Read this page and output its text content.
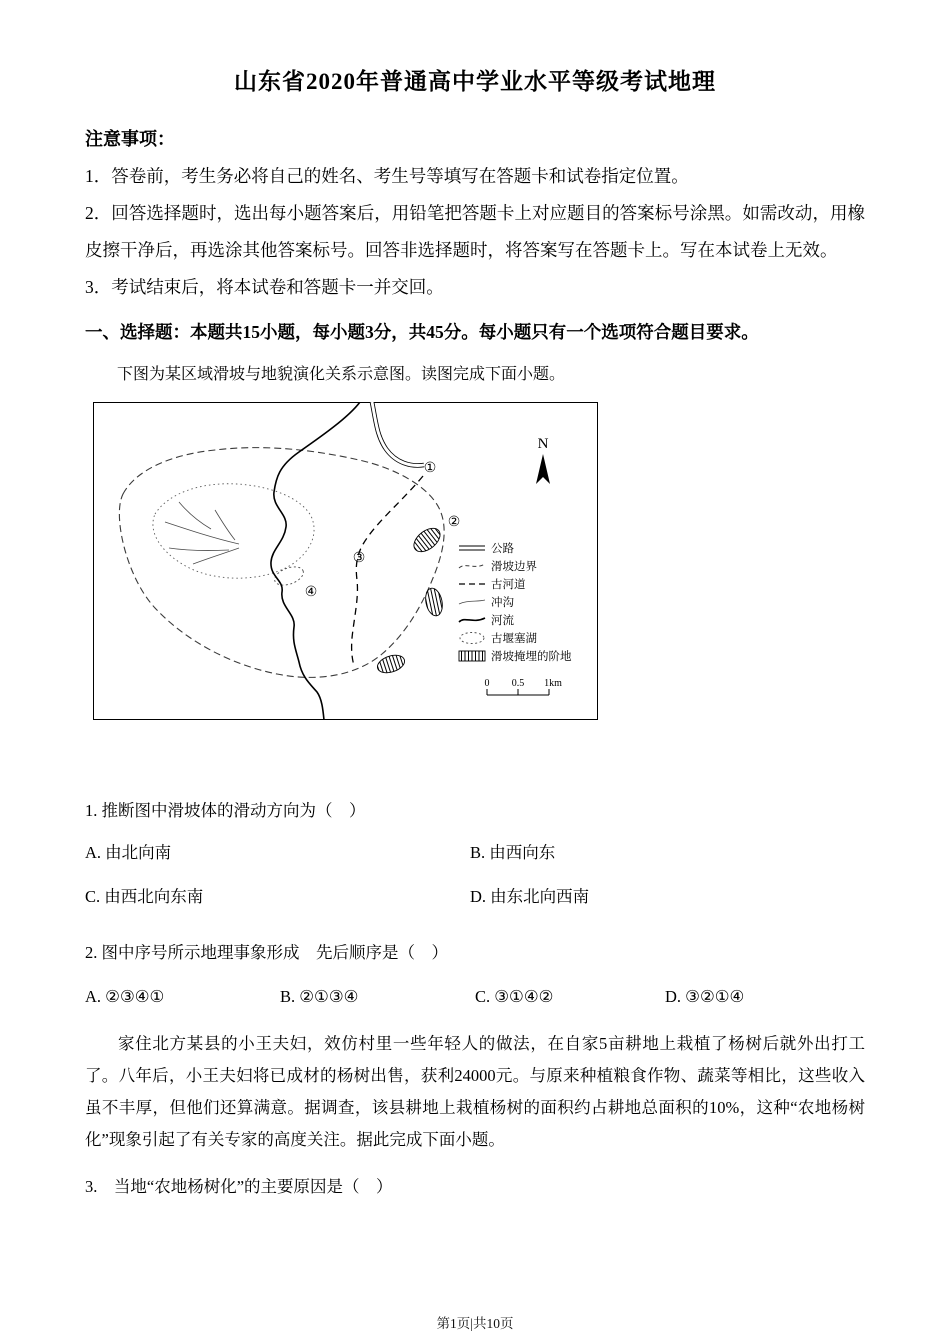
山东省2020年普通高中学业水平等级考试地理

注意事项：

1．答卷前，考生务必将自己的姓名、考生号等填写在答题卡和试卷指定位置。

2．回答选择题时，选出每小题答案后，用铅笔把答题卡上对应题目的答案标号涂黑。如需改动，用橡皮擦干净后，再选涂其他答案标号。回答非选择题时，将答案写在答题卡上。写在本试卷上无效。

3．考试结束后，将本试卷和答题卡一并交回。

一、选择题：本题共15小题，每小题3分，共45分。每小题只有一个选项符合题目要求。

下图为某区域滑坡与地貌演化关系示意图。读图完成下面小题。

①
②
③
④
N
公路
滑坡边界
古河道
冲沟
河流
古堰塞湖
滑坡掩埋的阶地
0 0.5 1km

1. 推断图中滑坡体的滑动方向为（　）

A. 由北向南	B. 由西向东
C. 由西北向东南	D. 由东北向西南

2. 图中序号所示地理事象形成　先后顺序是（　）

A. ②③④①	B. ②①③④	C. ③①④②	D. ③②①④

家住北方某县的小王夫妇，效仿村里一些年轻人的做法，在自家5亩耕地上栽植了杨树后就外出打工了。八年后，小王夫妇将已成材的杨树出售，获利24000元。与原来种植粮食作物、蔬菜等相比，这些收入虽不丰厚，但他们还算满意。据调查，该县耕地上栽植杨树的面积约占耕地总面积的10%，这种“农地杨树化”现象引起了有关专家的高度关注。据此完成下面小题。

3.　当地“农地杨树化”的主要原因是（　）

第1页|共10页
